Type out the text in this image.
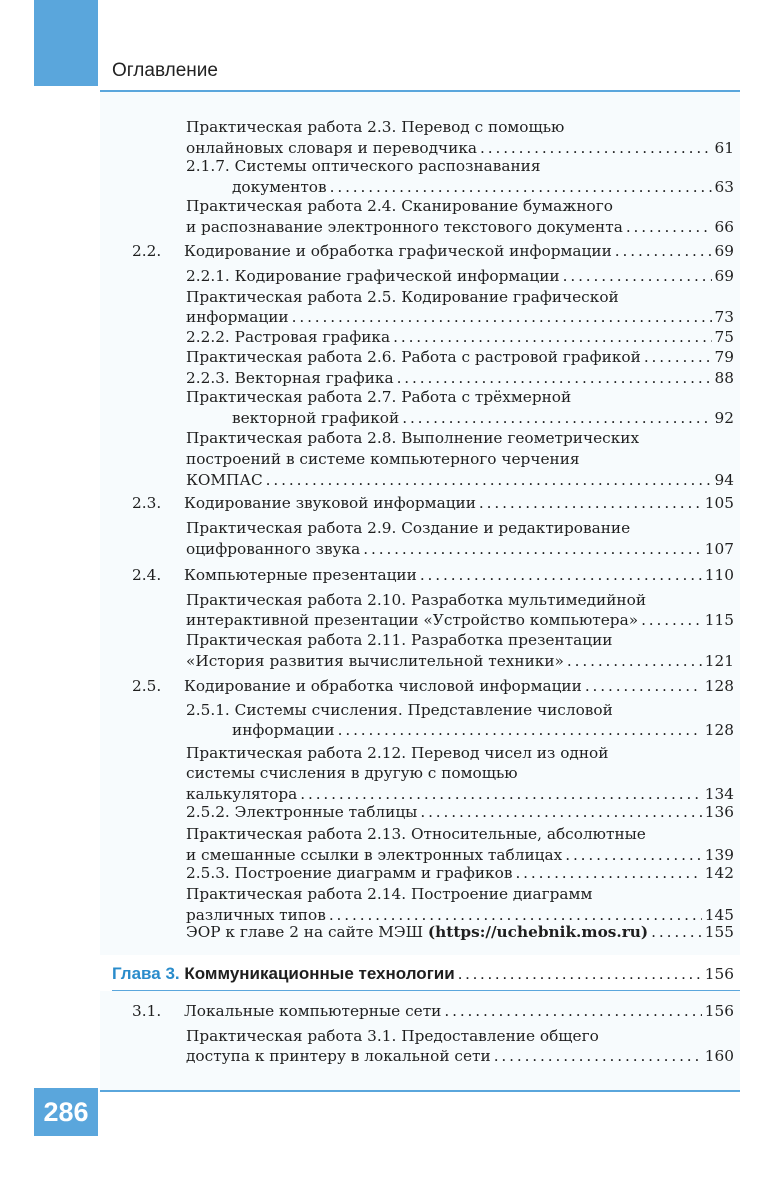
Оглавление
Практическая работа 2.3. Перевод с помощью
онлайновых словаря и переводчика . . .	61
2.1.7. Системы оптического распознавания
документов . . .	63
Практическая работа 2.4. Сканирование бумажного
и распознавание электронного текстового документа . . .	66
2.2.	Кодирование и обработка графической информации . . .	69
2.2.1. Кодирование графической информации . . .	69
Практическая работа 2.5. Кодирование графической
информации . . .	73
2.2.2. Растровая графика . . .	75
Практическая работа 2.6. Работа с растровой графикой . . .	79
2.2.3. Векторная графика . . .	88
Практическая работа 2.7. Работа с трёхмерной
векторной графикой . . .	92
Практическая работа 2.8. Выполнение геометрических
построений в системе компьютерного черчения
КОМПАС . . .	94
2.3.	Кодирование звуковой информации . . .	105
Практическая работа 2.9. Создание и редактирование
оцифрованного звука . . .	107
2.4.	Компьютерные презентации . . .	110
Практическая работа 2.10. Разработка мультимедийной
интерактивной презентации «Устройство компьютера» . . .	115
Практическая работа 2.11. Разработка презентации
«История развития вычислительной техники» . . .	121
2.5.	Кодирование и обработка числовой информации . . .	128
2.5.1. Системы счисления. Представление числовой
информации . . .	128
Практическая работа 2.12. Перевод чисел из одной
системы счисления в другую с помощью
калькулятора . . .	134
2.5.2. Электронные таблицы . . .	136
Практическая работа 2.13. Относительные, абсолютные
и смешанные ссылки в электронных таблицах . . .	139
2.5.3. Построение диаграмм и графиков . . .	142
Практическая работа 2.14. Построение диаграмм
различных типов . . .	145
ЭОР к главе 2 на сайте МЭШ (https://uchebnik.mos.ru) . . .	155
Глава 3.
Коммуникационные технологии . . .	156
3.1.	Локальные компьютерные сети . . .	156
Практическая работа 3.1. Предоставление общего
доступа к принтеру в локальной сети . . .	160
286
